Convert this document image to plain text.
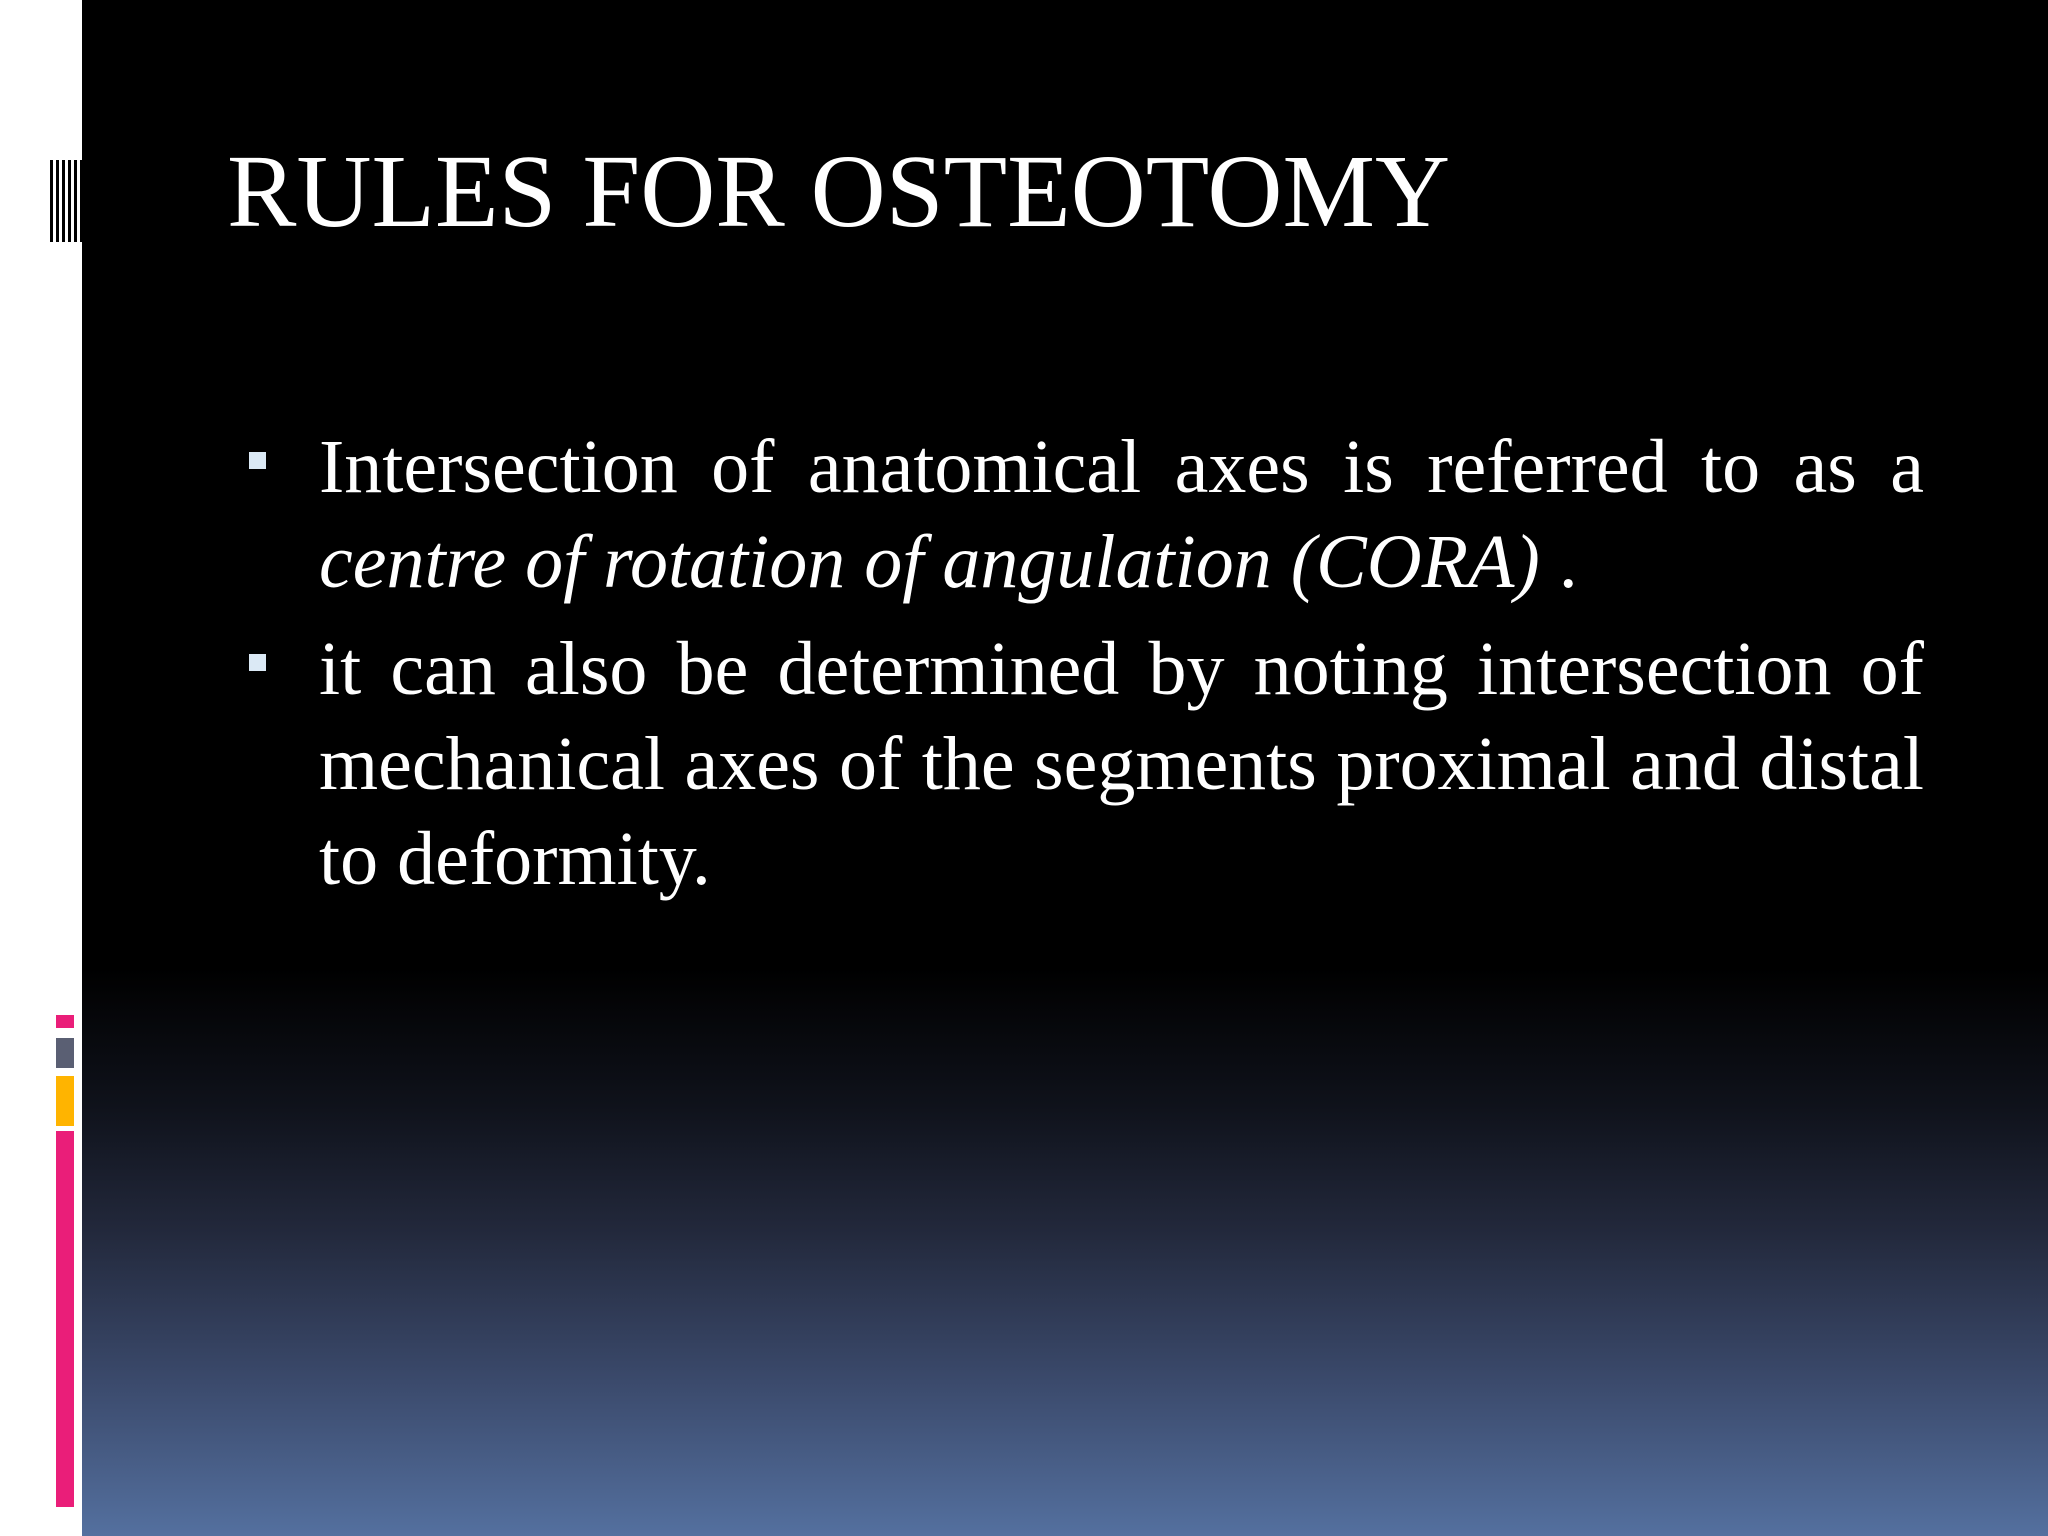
RULES FOR OSTEOTOMY

Intersection of anatomical axes is referred to as a centre of rotation of angulation (CORA) .

it can also be determined by noting intersection of mechanical axes of the segments proximal and distal to deformity.
